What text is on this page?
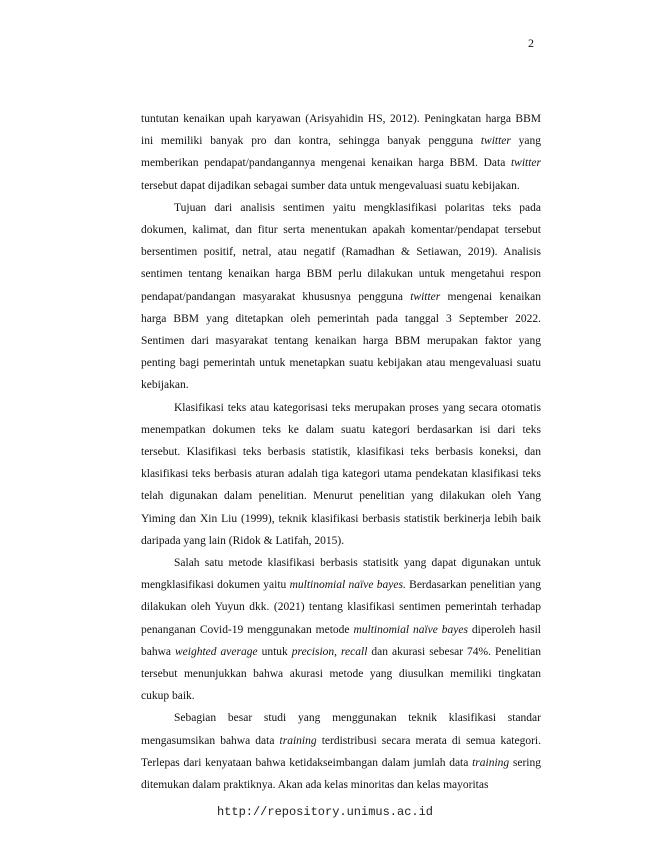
2

tuntutan kenaikan upah karyawan (Arisyahidin HS, 2012). Peningkatan harga BBM ini memiliki banyak pro dan kontra, sehingga banyak pengguna twitter yang memberikan pendapat/pandangannya mengenai kenaikan harga BBM. Data twitter tersebut dapat dijadikan sebagai sumber data untuk mengevaluasi suatu kebijakan.

Tujuan dari analisis sentimen yaitu mengklasifikasi polaritas teks pada dokumen, kalimat, dan fitur serta menentukan apakah komentar/pendapat tersebut bersentimen positif, netral, atau negatif (Ramadhan & Setiawan, 2019). Analisis sentimen tentang kenaikan harga BBM perlu dilakukan untuk mengetahui respon pendapat/pandangan masyarakat khususnya pengguna twitter mengenai kenaikan harga BBM yang ditetapkan oleh pemerintah pada tanggal 3 September 2022. Sentimen dari masyarakat tentang kenaikan harga BBM merupakan faktor yang penting bagi pemerintah untuk menetapkan suatu kebijakan atau mengevaluasi suatu kebijakan.

Klasifikasi teks atau kategorisasi teks merupakan proses yang secara otomatis menempatkan dokumen teks ke dalam suatu kategori berdasarkan isi dari teks tersebut. Klasifikasi teks berbasis statistik, klasifikasi teks berbasis koneksi, dan klasifikasi teks berbasis aturan adalah tiga kategori utama pendekatan klasifikasi teks telah digunakan dalam penelitian. Menurut penelitian yang dilakukan oleh Yang Yiming dan Xin Liu (1999), teknik klasifikasi berbasis statistik berkinerja lebih baik daripada yang lain (Ridok & Latifah, 2015).

Salah satu metode klasifikasi berbasis statisitk yang dapat digunakan untuk mengklasifikasi dokumen yaitu multinomial naïve bayes. Berdasarkan penelitian yang dilakukan oleh Yuyun dkk. (2021) tentang klasifikasi sentimen pemerintah terhadap penanganan Covid-19 menggunakan metode multinomial naïve bayes diperoleh hasil bahwa weighted average untuk precision, recall dan akurasi sebesar 74%. Penelitian tersebut menunjukkan bahwa akurasi metode yang diusulkan memiliki tingkatan cukup baik.

Sebagian besar studi yang menggunakan teknik klasifikasi standar mengasumsikan bahwa data training terdistribusi secara merata di semua kategori. Terlepas dari kenyataan bahwa ketidakseimbangan dalam jumlah data training sering ditemukan dalam praktiknya. Akan ada kelas minoritas dan kelas mayoritas

http://repository.unimus.ac.id
